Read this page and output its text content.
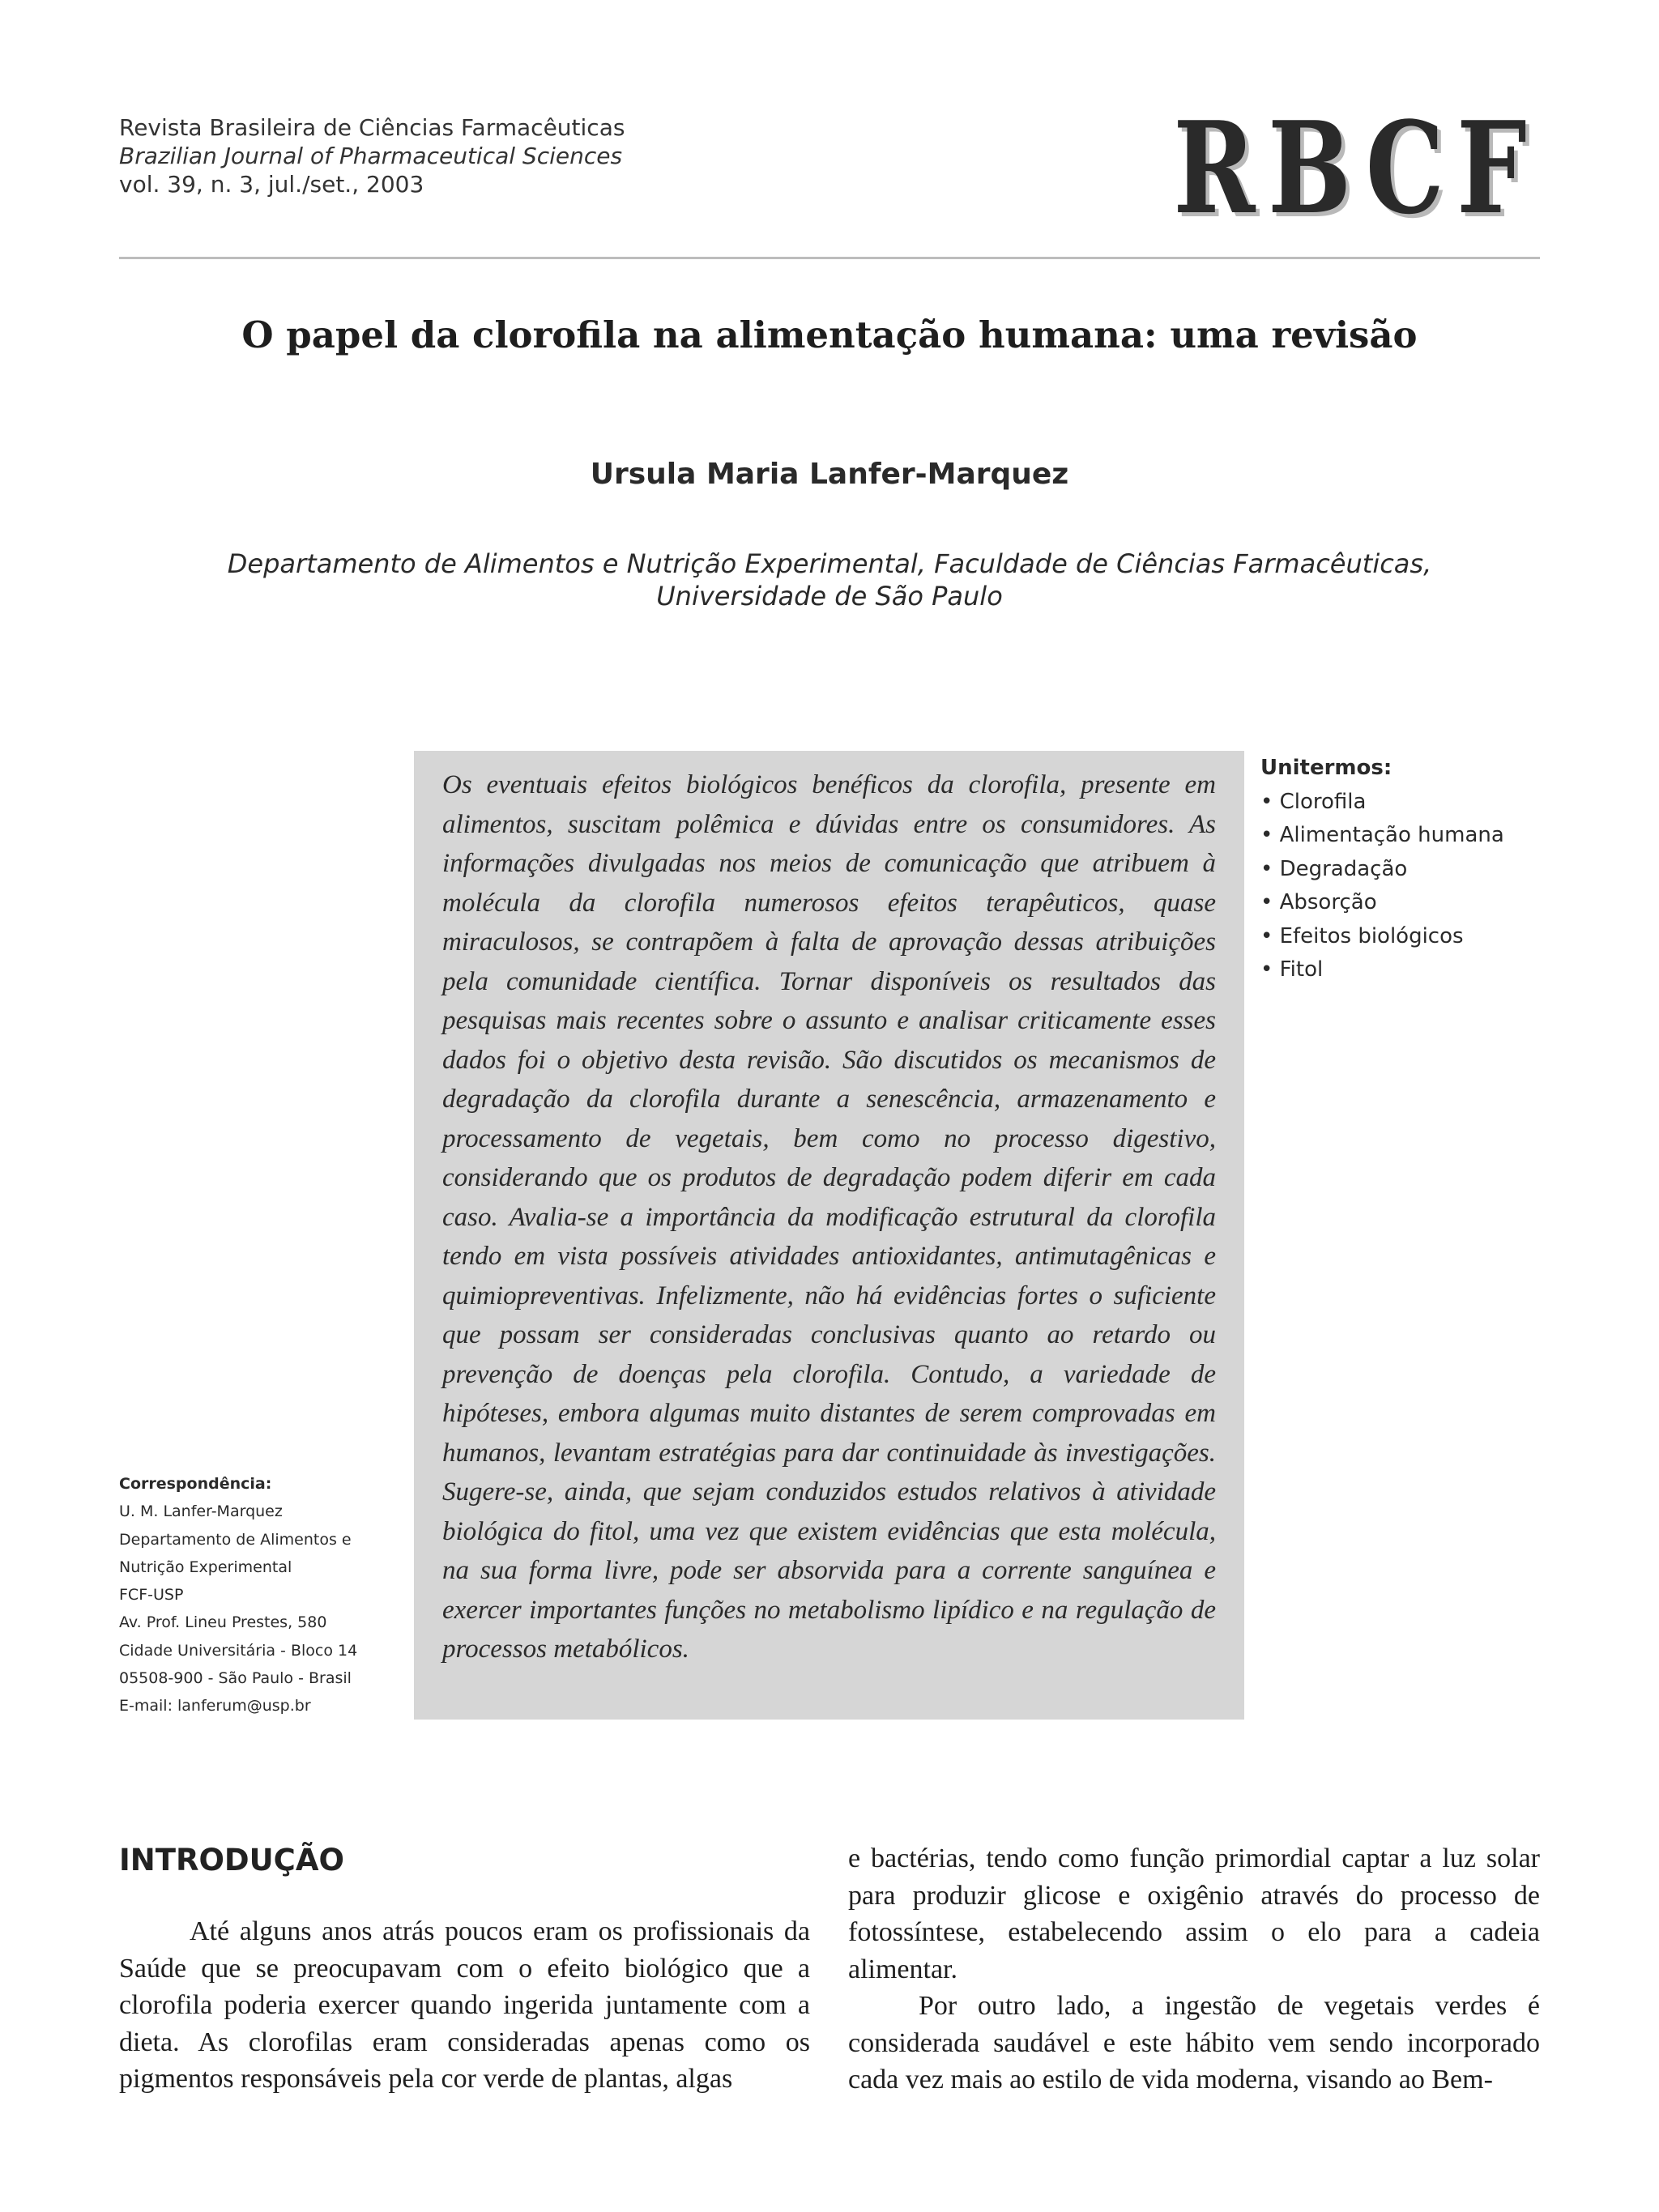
Revista Brasileira de Ciências Farmacêuticas
Brazilian Journal of Pharmaceutical Sciences
vol. 39, n. 3, jul./set., 2003	RBCF
O papel da clorofila na alimentação humana: uma revisão
Ursula Maria Lanfer-Marquez
Departamento de Alimentos e Nutrição Experimental, Faculdade de Ciências Farmacêuticas,
Universidade de São Paulo
Os eventuais efeitos biológicos benéficos da clorofila, presente em alimentos, suscitam polêmica e dúvidas entre os consumidores. As informações divulgadas nos meios de comunicação que atribuem à molécula da clorofila numerosos efeitos terapêuticos, quase miraculosos, se contrapõem à falta de aprovação dessas atribuições pela comunidade científica. Tornar disponíveis os resultados das pesquisas mais recentes sobre o assunto e analisar criticamente esses dados foi o objetivo desta revisão. São discutidos os mecanismos de degradação da clorofila durante a senescência, armazenamento e processamento de vegetais, bem como no processo digestivo, considerando que os produtos de degradação podem diferir em cada caso. Avalia-se a importância da modificação estrutural da clorofila tendo em vista possíveis atividades antioxidantes, antimutagênicas e quimiopreventivas. Infelizmente, não há evidências fortes o suficiente que possam ser consideradas conclusivas quanto ao retardo ou prevenção de doenças pela clorofila. Contudo, a variedade de hipóteses, embora algumas muito distantes de serem comprovadas em humanos, levantam estratégias para dar continuidade às investigações. Sugere-se, ainda, que sejam conduzidos estudos relativos à atividade biológica do fitol, uma vez que existem evidências que esta molécula, na sua forma livre, pode ser absorvida para a corrente sanguínea e exercer importantes funções no metabolismo lipídico e na regulação de processos metabólicos.
Unitermos:
• Clorofila
• Alimentação humana
• Degradação
• Absorção
• Efeitos biológicos
• Fitol
Correspondência:
U. M. Lanfer-Marquez
Departamento de Alimentos e
Nutrição Experimental
FCF-USP
Av. Prof. Lineu Prestes, 580
Cidade Universitária - Bloco 14
05508-900 - São Paulo - Brasil
E-mail: lanferum@usp.br
INTRODUÇÃO

Até alguns anos atrás poucos eram os profissionais da Saúde que se preocupavam com o efeito biológico que a clorofila poderia exercer quando ingerida juntamente com a dieta. As clorofilas eram consideradas apenas como os pigmentos responsáveis pela cor verde de plantas, algas

e bactérias, tendo como função primordial captar a luz solar para produzir glicose e oxigênio através do processo de fotossíntese, estabelecendo assim o elo para a cadeia alimentar.

Por outro lado, a ingestão de vegetais verdes é considerada saudável e este hábito vem sendo incorporado cada vez mais ao estilo de vida moderna, visando ao Bem-
